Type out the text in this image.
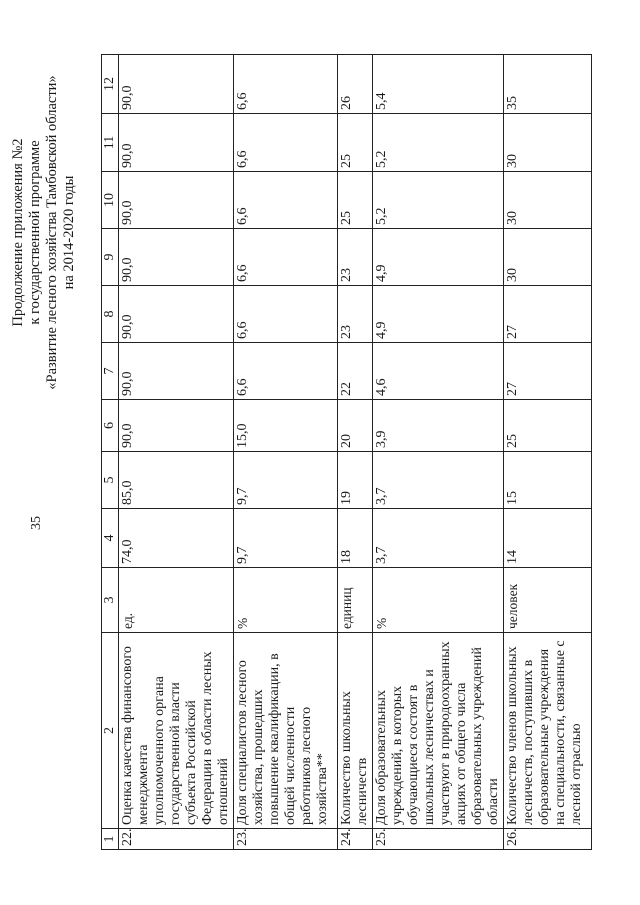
35
Продолжение приложения №2 к государственной программе «Развитие лесного хозяйства Тамбовской области» на 2014-2020 годы
1	2	3	4	5	6	7	8	9	10	11	12
22.	Оценка качества финансового менеджмента уполномоченного органа государственной власти субъекта Российской Федерации в области лесных отношений	ед.	74,0	85,0	90,0	90,0	90,0	90,0	90,0	90,0	90,0
23.	Доля специалистов лесного хозяйства, прошедших повышение квалификации, в общей численности работников лесного хозяйства**	%	9,7	9,7	15,0	6,6	6,6	6,6	6,6	6,6	6,6
24.	Количество школьных лесничеств	единиц	18	19	20	22	23	23	25	25	26
25.	Доля образовательных учреждений, в которых обучающиеся состоят в школьных лесничествах и участвуют в природоохранных акциях от общего числа образовательных учреждений области	%	3,7	3,7	3,9	4,6	4,9	4,9	5,2	5,2	5,4
26.	Количество членов школьных лесничеств, поступивших в образовательные учреждения на специальности, связанные с лесной отраслью	человек	14	15	25	27	27	30	30	30	35
